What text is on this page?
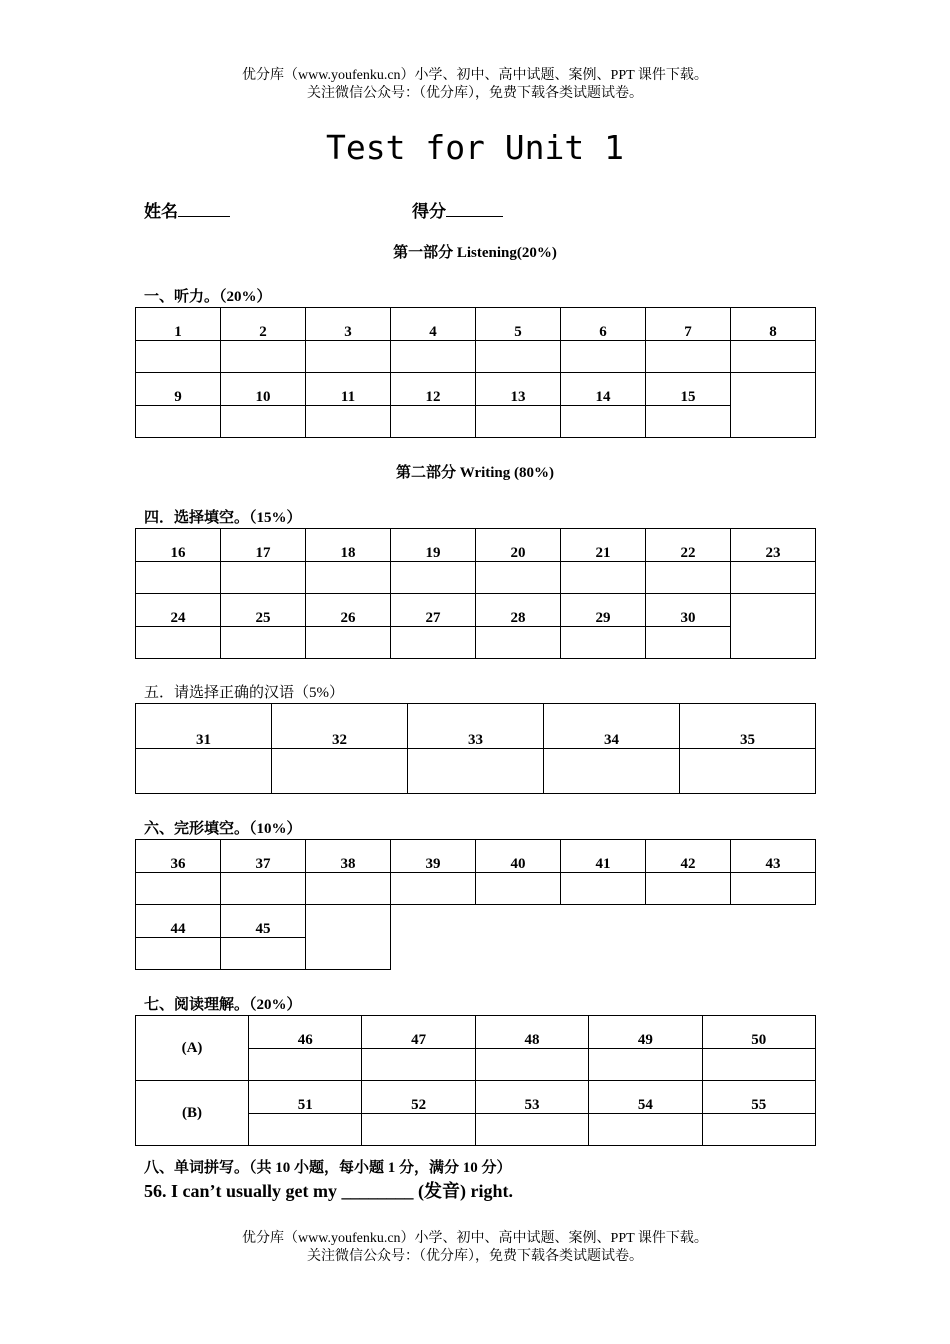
优分库（www.youfenku.cn）小学、初中、高中试题、案例、PPT 课件下载。
关注微信公众号：（优分库），免费下载各类试题试卷。
Test for Unit 1
姓名	得分
第一部分 Listening(20%)
一、听力。（20%）
1	2	3	4	5	6	7	8

9	10	11	12	13	14	15	

第二部分 Writing (80%)
四．选择填空。（15%）
16	17	18	19	20	21	22	23

24	25	26	27	28	29	30	

五．请选择正确的汉语（5%）
31	32	33	34	35

六、完形填空。（10%）
36	37	38	39	40	41	42	43

44	45						

七、阅读理解。（20%）
(A)	46	47	48	49	50

(B)	51	52	53	54	55

八、单词拼写。（共 10 小题，每小题 1 分，满分 10 分）
56. I can’t usually get my ________ (发音) right.
优分库（www.youfenku.cn）小学、初中、高中试题、案例、PPT 课件下载。
关注微信公众号：（优分库），免费下载各类试题试卷。
